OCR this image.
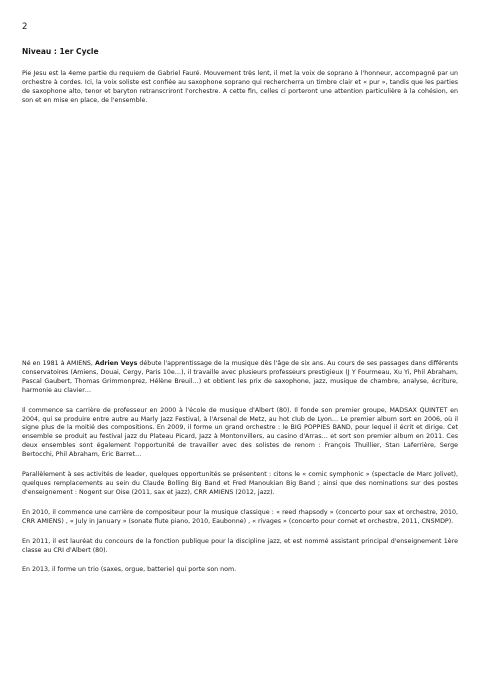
2
Niveau : 1er Cycle

Pie Jesu est la 4eme partie du requiem de Gabriel Fauré. Mouvement très lent, il met la voix de soprano à l'honneur, accompagné par un orchestre à cordes. Ici, la voix soliste est confiée au saxophone soprano qui rechercherra un timbre clair et « pur », tandis que les parties de saxophone alto, tenor et baryton retranscriront l'orchestre. A cette fin, celles ci porteront une attention particulière à la cohésion, en son et en mise en place, de l'ensemble.

Né en 1981 à AMIENS, Adrien Veys débute l'apprentissage de la musique dès l'âge de six ans. Au cours de ses passages dans différents conservatoires (Amiens, Douai, Cergy, Paris 10e…), il travaille avec plusieurs professeurs prestigieux (J Y Fourmeau, Xu Yi, Phil Abraham, Pascal Gaubert, Thomas Grimmonprez, Hélène Breuil…) et obtient les prix de saxophone, jazz, musique de chambre, analyse, écriture, harmonie au clavier…

Il commence sa carrière de professeur en 2000 à l'école de musique d'Albert (80). Il fonde son premier groupe, MADSAX QUINTET en 2004, qui se produire entre autre au Marly Jazz Festival, à l'Arsenal de Metz, au hot club de Lyon… Le premier album sort en 2006, où il signe plus de la moitié des compositions. En 2009, il forme un grand orchestre : le BIG POPPIES BAND, pour lequel il écrit et dirige. Cet ensemble se produit au festival jazz du Plateau Picard, Jazz à Montonvillers, au casino d'Arras… et sort son premier album en 2011. Ces deux ensembles sont également l'opportunité de travailler avec des solistes de renom : François Thuillier, Stan Laferrière, Serge Bertocchi, Phil Abraham, Eric Barret…

Parallèlement à ses activités de leader, quelques opportunités se présentent : citons le « comic symphonic » (spectacle de Marc Jolivet), quelques remplacements au sein du Claude Bolling Big Band et Fred Manoukian Big Band ; ainsi que des nominations sur des postes d'enseignement : Nogent sur Oise (2011, sax et jazz), CRR AMIENS (2012, jazz).

En 2010, il commence une carrière de compositeur pour la musique classique : « reed rhapsody » (concerto pour sax et orchestre, 2010, CRR AMIENS) , « July in January » (sonate flute piano, 2010, Eaubonne) , « rivages » (concerto pour cornet et orchestre, 2011, CNSMDP).

En 2011, il est lauréat du concours de la fonction publique pour la discipline jazz, et est nommé assistant principal d'enseignement 1ère classe au CRI d'Albert (80).

En 2013, il forme un trio (saxes, orgue, batterie) qui porte son nom.
